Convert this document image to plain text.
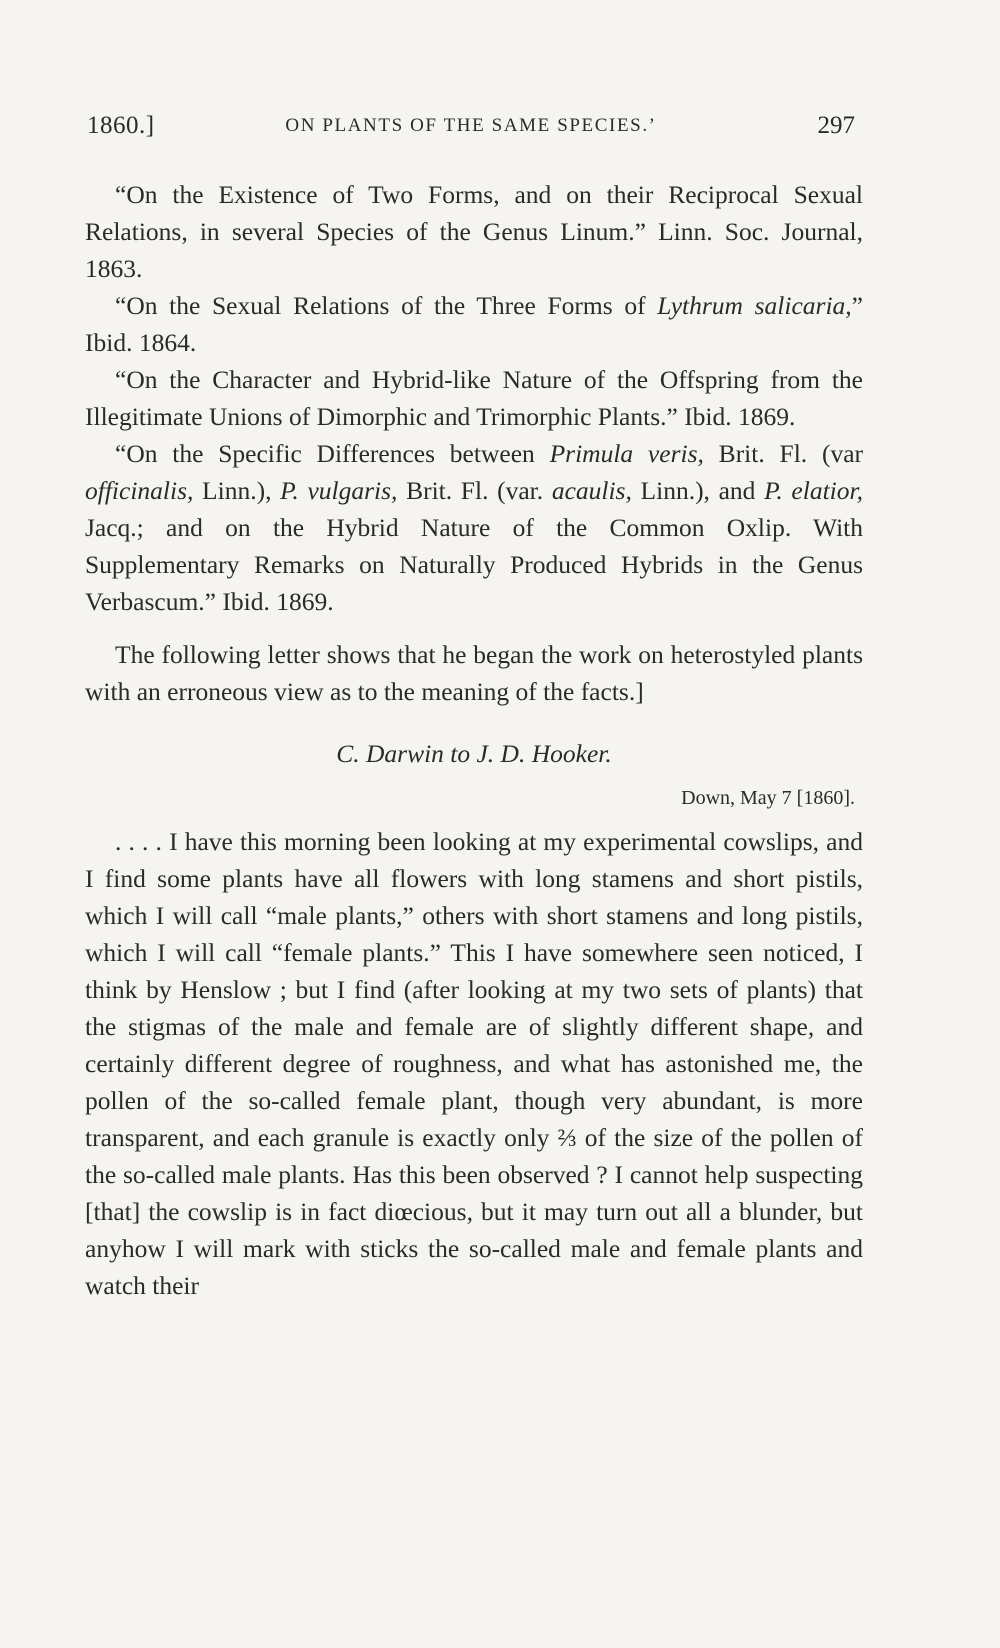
1860.]	ON PLANTS OF THE SAME SPECIES.’	297

“On the Existence of Two Forms, and on their Reciprocal Sexual Relations, in several Species of the Genus Linum.” Linn. Soc. Journal, 1863.

“On the Sexual Relations of the Three Forms of Lythrum salicaria,” Ibid. 1864.

“On the Character and Hybrid-like Nature of the Offspring from the Illegitimate Unions of Dimorphic and Trimorphic Plants.” Ibid. 1869.

“On the Specific Differences between Primula veris, Brit. Fl. (var officinalis, Linn.), P. vulgaris, Brit. Fl. (var. acaulis, Linn.), and P. elatior, Jacq.; and on the Hybrid Nature of the Common Oxlip. With Supplementary Remarks on Naturally Produced Hybrids in the Genus Verbascum.” Ibid. 1869.

The following letter shows that he began the work on heterostyled plants with an erroneous view as to the meaning of the facts.]

C. Darwin to J. D. Hooker.
Down, May 7 [1860].

. . . . I have this morning been looking at my experimental cowslips, and I find some plants have all flowers with long stamens and short pistils, which I will call “male plants,” others with short stamens and long pistils, which I will call “female plants.” This I have somewhere seen noticed, I think by Henslow ; but I find (after looking at my two sets of plants) that the stigmas of the male and female are of slightly different shape, and certainly different degree of roughness, and what has astonished me, the pollen of the so-called female plant, though very abundant, is more transparent, and each granule is exactly only ⅔ of the size of the pollen of the so-called male plants. Has this been observed ? I cannot help suspecting [that] the cowslip is in fact diœcious, but it may turn out all a blunder, but anyhow I will mark with sticks the so-called male and female plants and watch their
